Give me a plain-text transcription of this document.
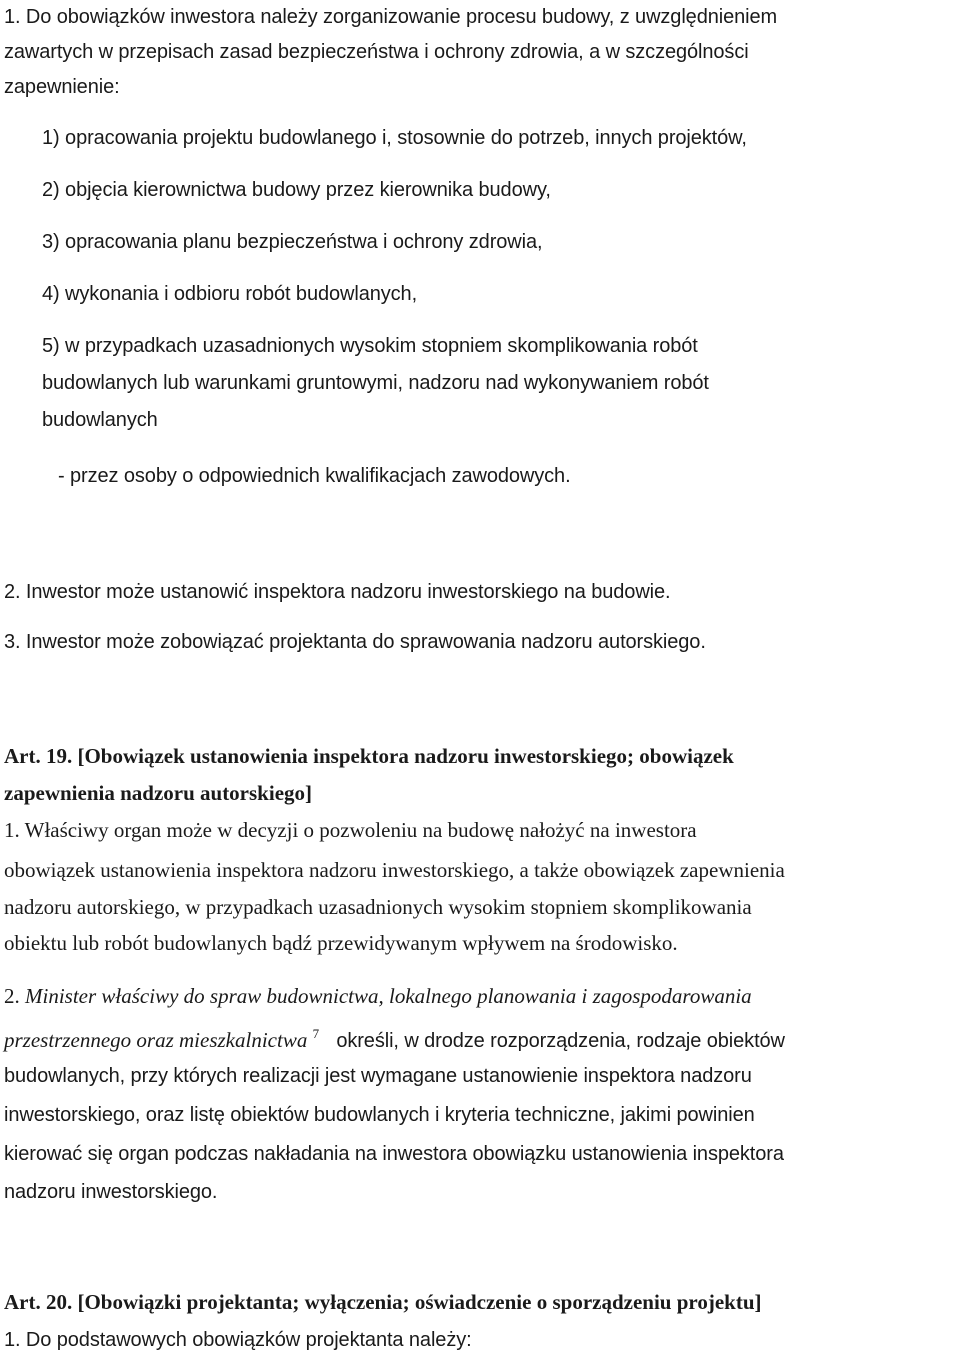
1. Do obowiązków inwestora należy zorganizowanie procesu budowy, z uwzględnieniem
zawartych w przepisach zasad bezpieczeństwa i ochrony zdrowia, a w szczególności
zapewnienie:
1) opracowania projektu budowlanego i, stosownie do potrzeb, innych projektów,
2) objęcia kierownictwa budowy przez kierownika budowy,
3) opracowania planu bezpieczeństwa i ochrony zdrowia,
4) wykonania i odbioru robót budowlanych,
5) w przypadkach uzasadnionych wysokim stopniem skomplikowania robót
budowlanych lub warunkami gruntowymi, nadzoru nad wykonywaniem robót
budowlanych
- przez osoby o odpowiednich kwalifikacjach zawodowych.
2. Inwestor może ustanowić inspektora nadzoru inwestorskiego na budowie.
3. Inwestor może zobowiązać projektanta do sprawowania nadzoru autorskiego.
Art. 19. [Obowiązek ustanowienia inspektora nadzoru inwestorskiego; obowiązek
zapewnienia nadzoru autorskiego]
1. Właściwy organ może w decyzji o pozwoleniu na budowę nałożyć na inwestora
obowiązek ustanowienia inspektora nadzoru inwestorskiego, a także obowiązek zapewnienia
nadzoru autorskiego, w przypadkach uzasadnionych wysokim stopniem skomplikowania
obiektu lub robót budowlanych bądź przewidywanym wpływem na środowisko.
2. Minister właściwy do spraw budownictwa, lokalnego planowania i zagospodarowania
przestrzennego oraz mieszkalnictwa $^7$ określi, w drodze rozporządzenia, rodzaje obiektów
budowlanych, przy których realizacji jest wymagane ustanowienie inspektora nadzoru
inwestorskiego, oraz listę obiektów budowlanych i kryteria techniczne, jakimi powinien
kierować się organ podczas nakładania na inwestora obowiązku ustanowienia inspektora
nadzoru inwestorskiego.
Art. 20. [Obowiązki projektanta; wyłączenia; oświadczenie o sporządzeniu projektu]
1. Do podstawowych obowiązków projektanta należy:
